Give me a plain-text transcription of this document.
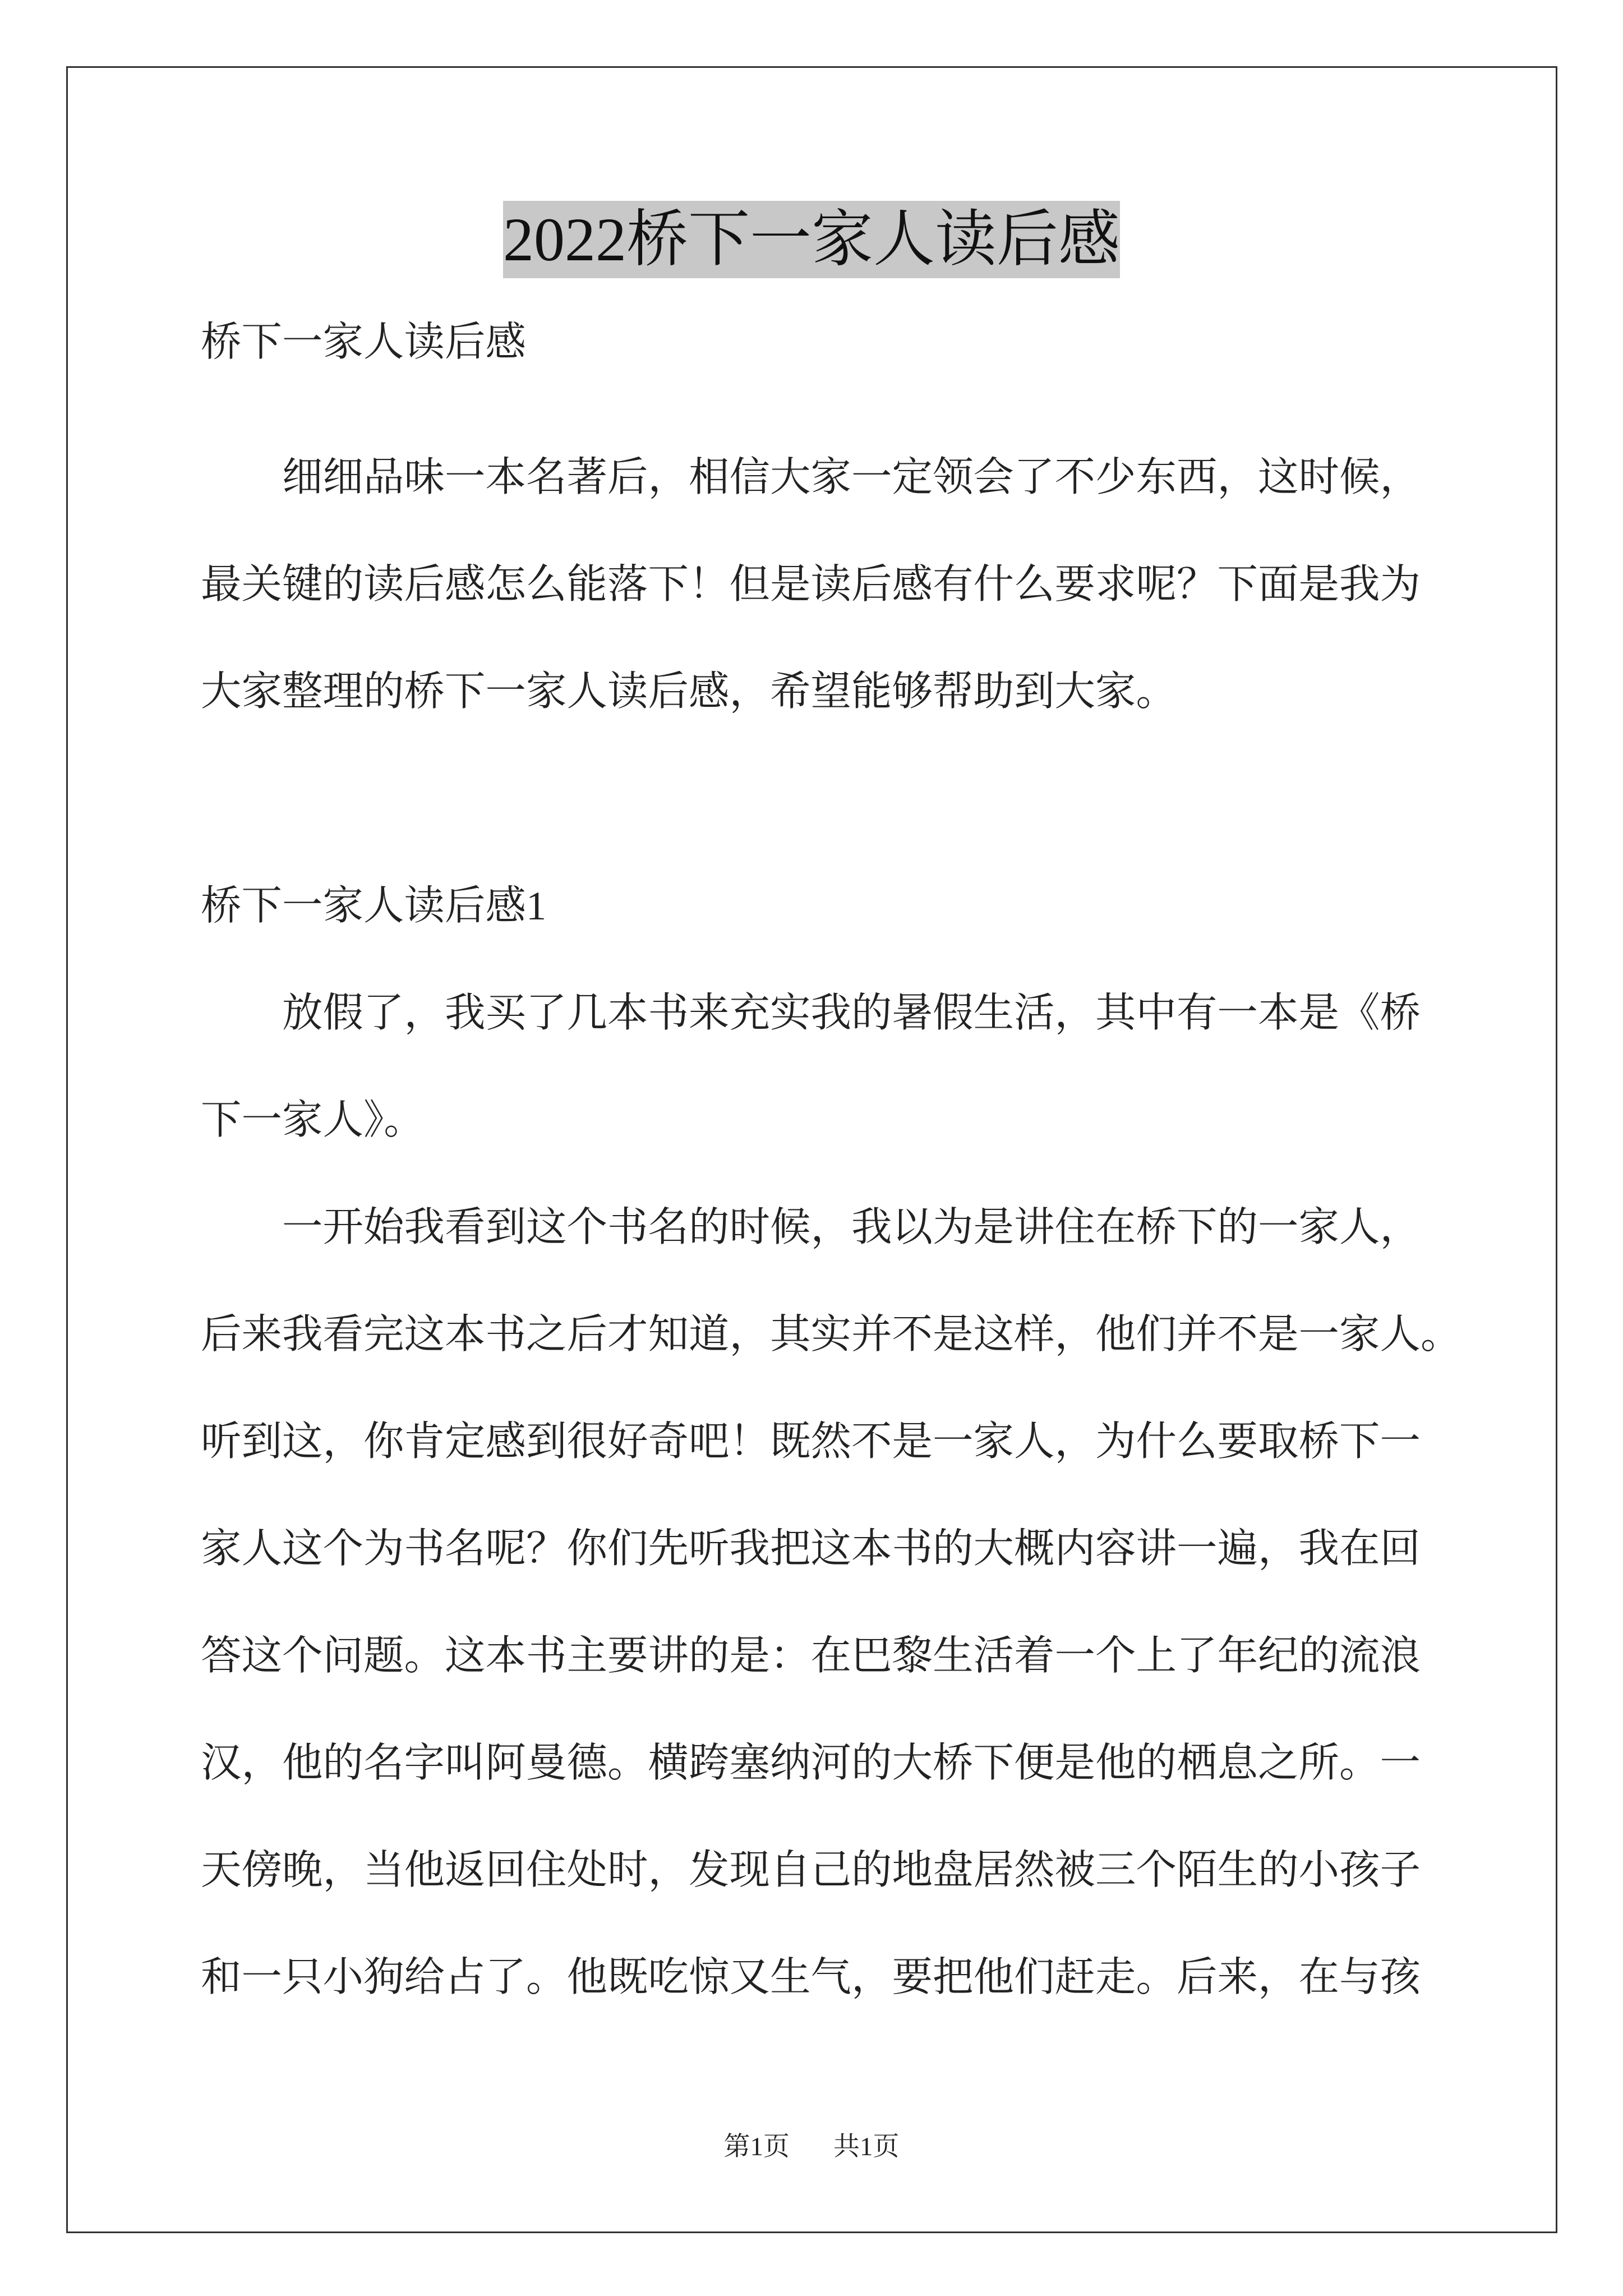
2022桥下一家人读后感
桥下一家人读后感
细细品味一本名著后，相信大家一定领会了不少东西，这时候，
最关键的读后感怎么能落下！但是读后感有什么要求呢？下面是我为
大家整理的桥下一家人读后感，希望能够帮助到大家。
桥下一家人读后感1
放假了，我买了几本书来充实我的暑假生活，其中有一本是《桥
下一家人》。
一开始我看到这个书名的时候，我以为是讲住在桥下的一家人，
后来我看完这本书之后才知道，其实并不是这样，他们并不是一家人。
听到这，你肯定感到很好奇吧！既然不是一家人，为什么要取桥下一
家人这个为书名呢？你们先听我把这本书的大概内容讲一遍，我在回
答这个问题。这本书主要讲的是：在巴黎生活着一个上了年纪的流浪
汉，他的名字叫阿曼德。横跨塞纳河的大桥下便是他的栖息之所。一
天傍晚，当他返回住处时，发现自己的地盘居然被三个陌生的小孩子
和一只小狗给占了。他既吃惊又生气，要把他们赶走。后来，在与孩
第1页 共1页
